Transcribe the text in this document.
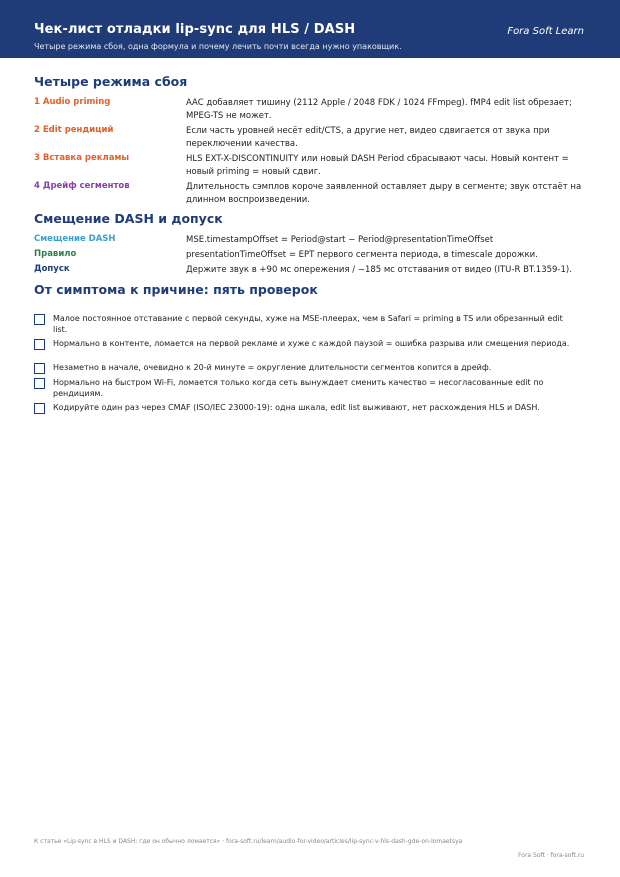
Чек-лист отладки lip-sync для HLS / DASH	Fora Soft Learn
Четыре режима сбоя, одна формула и почему лечить почти всегда нужно упаковщик.
Четыре режима сбоя
1 Audio priming	AAC добавляет тишину (2112 Apple / 2048 FDK / 1024 FFmpeg). fMP4 edit list обрезает; MPEG-TS не может.
2 Edit рендиций	Если часть уровней несёт edit/CTS, а другие нет, видео сдвигается от звука при переключении качества.
3 Вставка рекламы	HLS EXT-X-DISCONTINUITY или новый DASH Period сбрасывают часы. Новый контент = новый priming = новый сдвиг.
4 Дрейф сегментов	Длительность сэмплов короче заявленной оставляет дыру в сегменте; звук отстаёт на длинном воспроизведении.
Смещение DASH и допуск
Смещение DASH	MSE.timestampOffset = Period@start − Period@presentationTimeOffset
Правило	presentationTimeOffset = EPT первого сегмента периода, в timescale дорожки.
Допуск	Держите звук в +90 мс опережения / −185 мс отставания от видео (ITU-R BT.1359-1).
От симптома к причине: пять проверок
Малое постоянное отставание с первой секунды, хуже на MSE-плеерах, чем в Safari = priming в TS или обрезанный edit list.
Нормально в контенте, ломается на первой рекламе и хуже с каждой паузой = ошибка разрыва или смещения периода.
Незаметно в начале, очевидно к 20-й минуте = округление длительности сегментов копится в дрейф.
Нормально на быстром Wi-Fi, ломается только когда сеть вынуждает сменить качество = несогласованные edit по рендициям.
Кодируйте один раз через CMAF (ISO/IEC 23000-19): одна шкала, edit list выживают, нет расхождения HLS и DASH.
К статье «Lip-sync в HLS и DASH: где он обычно ломается» · fora-soft.ru/learn/audio-for-video/articles/lip-sync-v-hls-dash-gde-on-lomaetsya
Fora Soft · fora-soft.ru
